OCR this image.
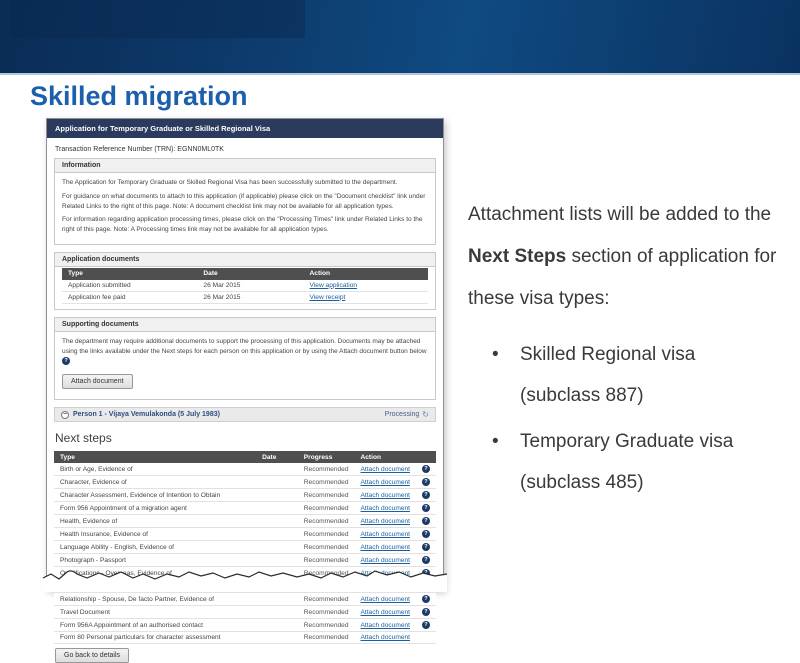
Skilled migration
Application for Temporary Graduate or Skilled Regional Visa
Transaction Reference Number (TRN): EGNN0ML0TK
Information

The Application for Temporary Graduate or Skilled Regional Visa has been successfully submitted to the department.

For guidance on what documents to attach to this application (if applicable) please click on the "Document checklist" link under Related Links to the right of this page. Note: A document checklist link may not be available for all application types.

For information regarding application processing times, please click on the "Processing Times" link under Related Links to the right of this page. Note: A Processing times link may not be available for all application types.

Application documents
Type	Date	Action
Application submitted	26 Mar 2015	View application
Application fee paid	26 Mar 2015	View receipt
Supporting documents

The department may require additional documents to support the processing of this application. Documents may be attached using the links available under the Next steps for each person on this application or by using the Attach document button below ?

Attach document
− Person 1 - Vijaya Vemulakonda (5 July 1983)	Processing ↻
Next steps
Type	Date	Progress	Action	
Birth or Age, Evidence of		Recommended	Attach document	?
Character, Evidence of		Recommended	Attach document	?
Character Assessment, Evidence of Intention to Obtain		Recommended	Attach document	?
Form 956 Appointment of a migration agent		Recommended	Attach document	?
Health, Evidence of		Recommended	Attach document	?
Health Insurance, Evidence of		Recommended	Attach document	?
Language Ability - English, Evidence of		Recommended	Attach document	?
Photograph - Passport		Recommended	Attach document	?
Qualifications - Overseas, Evidence of		Recommended	Attach document	?

Relationship - Spouse, De facto Partner, Evidence of		Recommended	Attach document	?
Travel Document		Recommended	Attach document	?
Form 956A Appointment of an authorised contact		Recommended	Attach document	?
Form 80 Personal particulars for character assessment		Recommended	Attach document	
Go back to details

Attachment lists will be added to the Next Steps section of application for these visa types:

• Skilled Regional visa (subclass 887)
• Temporary Graduate visa (subclass 485)
